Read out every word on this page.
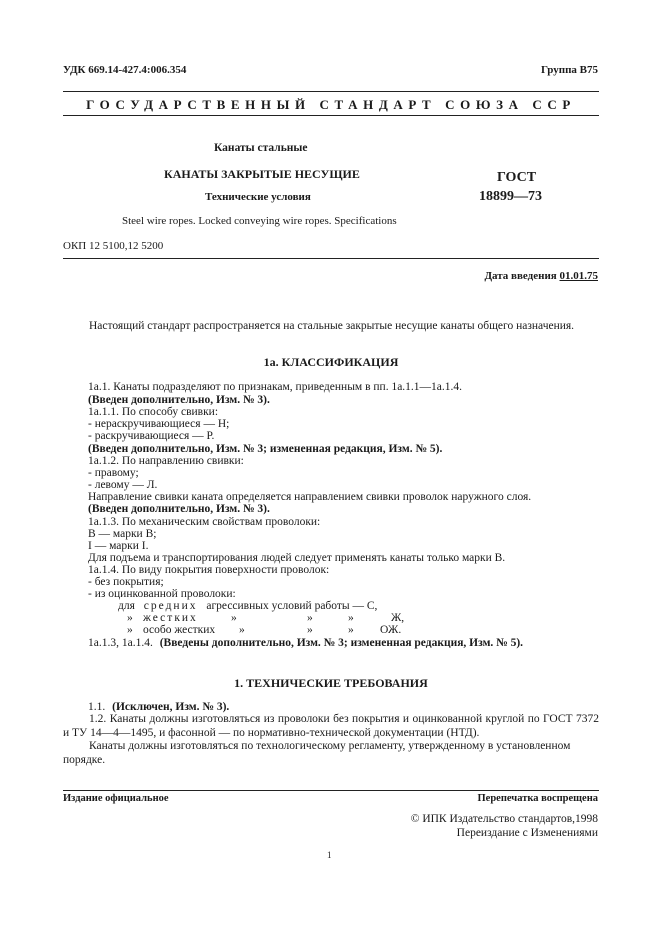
УДК 669.14-427.4:006.354	Группа В75
ГОСУДАРСТВЕННЫЙ СТАНДАРТ СОЮЗА ССР
Канаты стальные
КАНАТЫ ЗАКРЫТЫЕ НЕСУЩИЕ
Технические условия
Steel wire ropes. Locked conveying wire ropes. Specifications
ГОСТ
18899—73
ОКП 12 5100,12 5200
Дата введения 01.01.75
Настоящий стандарт распространяется на стальные закрытые несущие канаты общего назначения.
1а. КЛАССИФИКАЦИЯ
1а.1. Канаты подразделяют по признакам, приведенным в пп. 1а.1.1—1а.1.4.
(Введен дополнительно, Изм. № 3).
1а.1.1. По способу свивки:
- нераскручивающиеся — Н;
- раскручивающиеся — Р.
(Введен дополнительно, Изм. № 3; измененная редакция, Изм. № 5).
1а.1.2. По направлению свивки:
- правому;
- левому — Л.
Направление свивки каната определяется направлением свивки проволок наружного слоя.
(Введен дополнительно, Изм. № 3).
1а.1.3. По механическим свойствам проволоки:
В — марки В;
I — марки I.
Для подъема и транспортирования людей следует применять канаты только марки В.
1а.1.4. По виду покрытия поверхности проволок:
- без покрытия;
- из оцинкованной проволоки:
для средних агрессивных условий работы — С,
» жестких	»	»	»	Ж,
» особо жестких »	»	» ОЖ.
1а.1.3, 1а.1.4. (Введены дополнительно, Изм. № 3; измененная редакция, Изм. № 5).
1. ТЕХНИЧЕСКИЕ ТРЕБОВАНИЯ
1.1. (Исключен, Изм. № 3).
1.2. Канаты должны изготовляться из проволоки без покрытия и оцинкованной круглой по ГОСТ 7372 и ТУ 14—4—1495, и фасонной — по нормативно-технической документации (НТД).
Канаты должны изготовляться по технологическому регламенту, утвержденному в установленном порядке.
Издание официальное	Перепечатка воспрещена
© ИПК Издательство стандартов,1998
Переиздание с Изменениями
1
